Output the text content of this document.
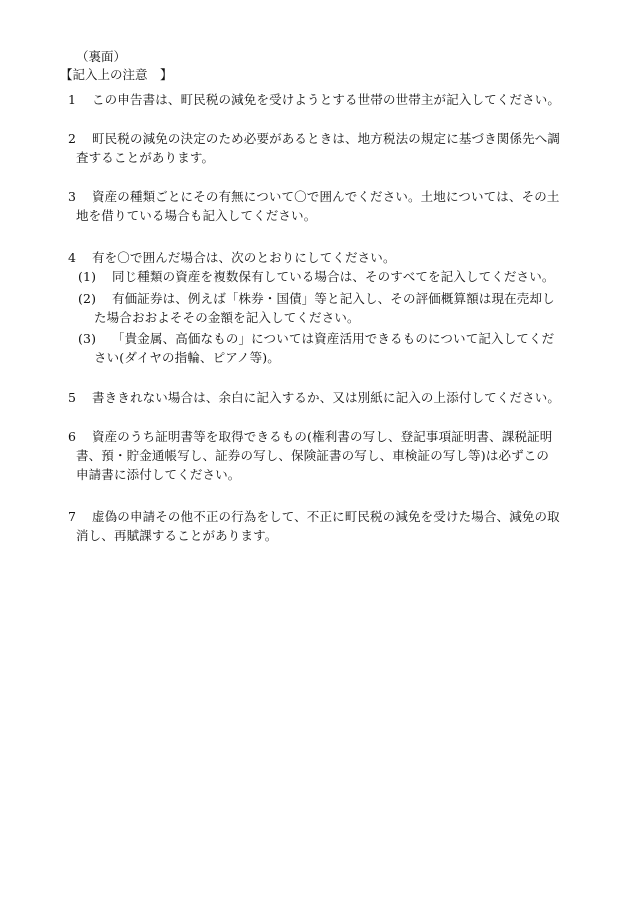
（裏面）
【記入上の注意　】
1 この申告書は、町民税の減免を受けようとする世帯の世帯主が記入してください。
2 町民税の減免の決定のため必要があるときは、地方税法の規定に基づき関係先へ調
査することがあります。
3 資産の種類ごとにその有無について〇で囲んでください。土地については、その土
地を借りている場合も記入してください。
4 有を〇で囲んだ場合は、次のとおりにしてください。
(1) 同じ種類の資産を複数保有している場合は、そのすべてを記入してください。
(2) 有価証券は、例えば「株券・国債」等と記入し、その評価概算額は現在売却し
た場合おおよそその金額を記入してください。
(3) 「貴金属、高価なもの」については資産活用できるものについて記入してくだ
さい(ダイヤの指輪、ピアノ等)。
5 書ききれない場合は、余白に記入するか、又は別紙に記入の上添付してください。
6 資産のうち証明書等を取得できるもの(権利書の写し、登記事項証明書、課税証明
書、預・貯金通帳写し、証券の写し、保険証書の写し、車検証の写し等)は必ずこの
申請書に添付してください。
7 虚偽の申請その他不正の行為をして、不正に町民税の減免を受けた場合、減免の取
消し、再賦課することがあります。
